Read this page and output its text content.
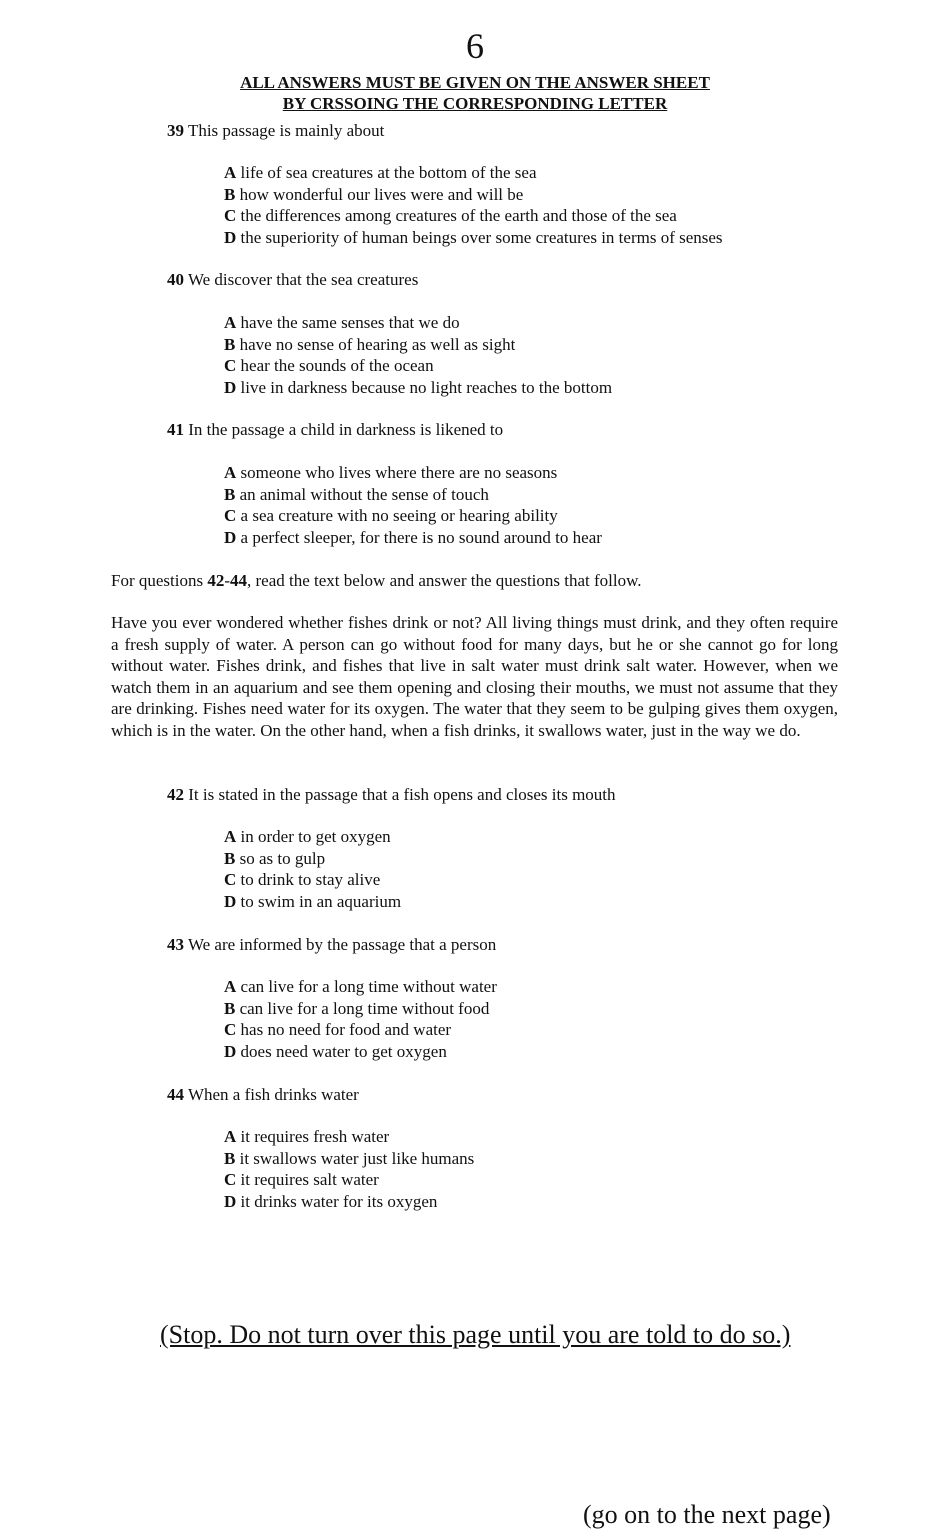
6
ALL ANSWERS MUST BE GIVEN ON THE ANSWER SHEET
BY CRSSOING THE CORRESPONDING LETTER
39 This passage is mainly about
A life of sea creatures at the bottom of the sea
B how wonderful our lives were and will be
C the differences among creatures of the earth and those of the sea
D the superiority of human beings over some creatures in terms of senses
40 We discover that the sea creatures
A have the same senses that we do
B have no sense of hearing as well as sight
C hear the sounds of the ocean
D live in darkness because no light reaches to the bottom
41 In the passage a child in darkness is likened to
A someone who lives where there are no seasons
B an animal without the sense of touch
C a sea creature with no seeing or hearing ability
D a perfect sleeper, for there is no sound around to hear
For questions 42-44, read the text below and answer the questions that follow.
Have you ever wondered whether fishes drink or not? All living things must drink, and they often require a fresh supply of water. A person can go without food for many days, but he or she cannot go for long without water. Fishes drink, and fishes that live in salt water must drink salt water. However, when we watch them in an aquarium and see them opening and closing their mouths, we must not assume that they are drinking. Fishes need water for its oxygen. The water that they seem to be gulping gives them oxygen, which is in the water. On the other hand, when a fish drinks, it swallows water, just in the way we do.
42 It is stated in the passage that a fish opens and closes its mouth
A in order to get oxygen
B so as to gulp
C to drink to stay alive
D to swim in an aquarium
43 We are informed by the passage that a person
A can live for a long time without water
B can live for a long time without food
C has no need for food and water
D does need water to get oxygen
44 When a fish drinks water
A it requires fresh water
B it swallows water just like humans
C it requires salt water
D it drinks water for its oxygen
(Stop. Do not turn over this page until you are told to do so.)
(go on to the next page)
